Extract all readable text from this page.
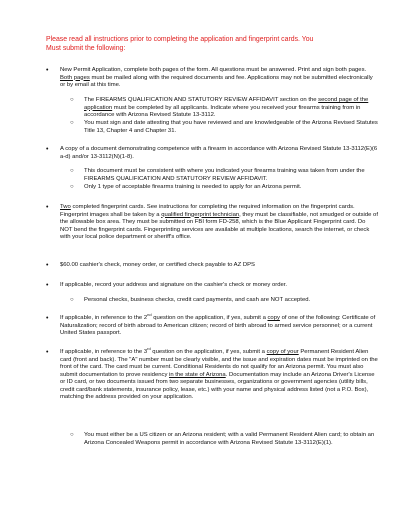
Please read all instructions prior to completing the application and fingerprint cards. You
Must submit the following:
•	New Permit Application, complete both pages of the form. All questions must be answered. Print and sign both pages. Both pages must be mailed along with the required documents and fee. Applications may not be submitted electronically or by email at this time.
○	The FIREARMS QUALIFICATION AND STATUTORY REVIEW AFFIDAVIT section on the second page of the application must be completed by all applicants. Indicate where you received your firearms training from in accordance with Arizona Revised Statute 13-3112.
○	You must sign and date attesting that you have reviewed and are knowledgeable of the Arizona Revised Statutes Title 13, Chapter 4 and Chapter 31.
•	A copy of a document demonstrating competence with a firearm in accordance with Arizona Revised Statute 13-3112(E)(6 a-d) and/or 13-3112(N)(1-8).
○	This document must be consistent with where you indicated your firearms training was taken from under the FIREARMS QUALIFICATION AND STATUTORY REVIEW AFFIDAVIT.
○	Only 1 type of acceptable firearms training is needed to apply for an Arizona permit.
•	Two completed fingerprint cards. See instructions for completing the required information on the fingerprint cards. Fingerprint images shall be taken by a qualified fingerprint technician, they must be classifiable, not smudged or outside of the allowable box area. They must be submitted on FBI form FD-258, which is the Blue Applicant Fingerprint card. Do NOT bend the fingerprint cards. Fingerprinting services are available at multiple locations, search the internet, or check with your local police department or sheriff's office.
•	$60.00 cashier's check, money order, or certified check payable to AZ DPS
•	If applicable, record your address and signature on the cashier's check or money order.
○	Personal checks, business checks, credit card payments, and cash are NOT accepted.
•	If applicable, in reference to the 2nd question on the application, if yes, submit a copy of one of the following: Certificate of Naturalization; record of birth abroad to American citizen; record of birth abroad to armed service personnel; or a current United States passport.
•	If applicable, in reference to the 3rd question on the application, if yes, submit a copy of your Permanent Resident Alien card (front and back). The "A" number must be clearly visible, and the issue and expiration dates must be imprinted on the front of the card. The card must be current. Conditional Residents do not qualify for an Arizona permit. You must also submit documentation to prove residency in the state of Arizona. Documentation may include an Arizona Driver's License or ID card, or two documents issued from two separate businesses, organizations or government agencies (utility bills, credit card/bank statements, insurance policy, lease, etc.) with your name and physical address listed (not a P.O. Box), matching the address provided on your application.
○	You must either be a US citizen or an Arizona resident; with a valid Permanent Resident Alien card; to obtain an Arizona Concealed Weapons permit in accordance with Arizona Revised Statute 13-3112(E)(1).
